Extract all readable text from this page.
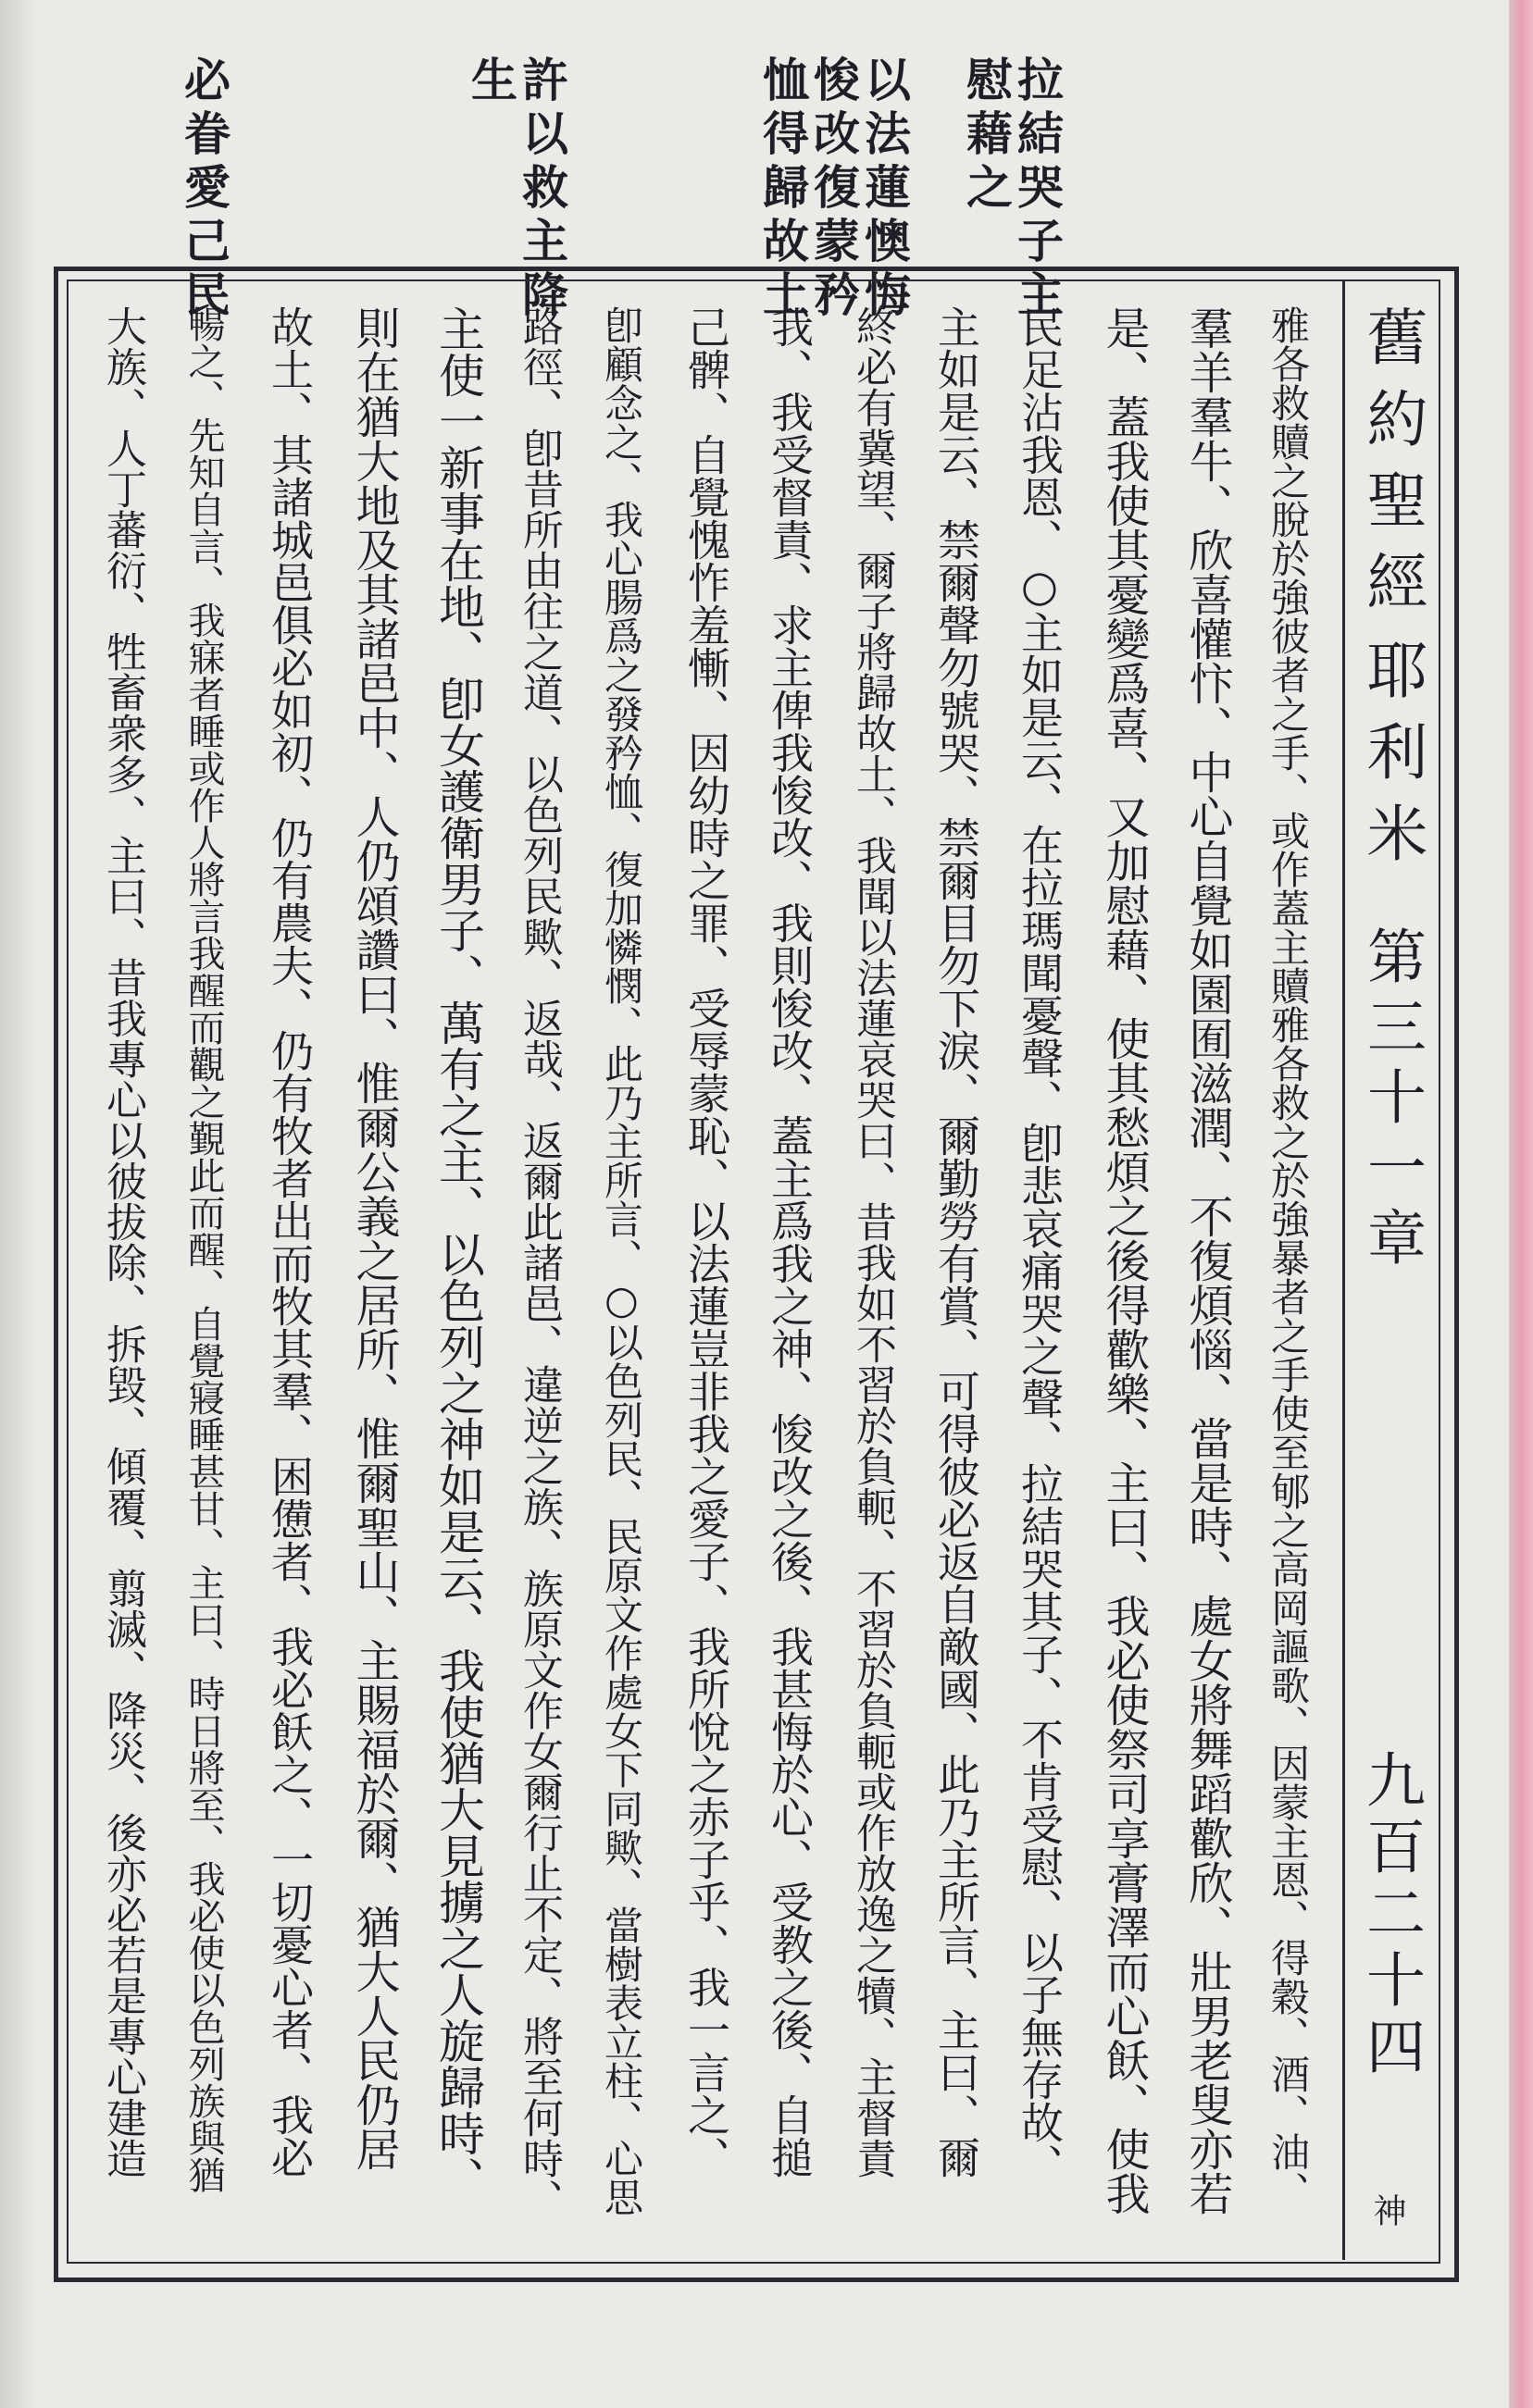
拉結哭子主
慰藉之
以法蓮懊悔
悛改復蒙矜
恤得歸故土
許以救主降
生
必眷愛己民
舊約聖經
耶利米
第三十一章
九百二十四
神
雅各救贖之脫於強彼者之手、或作蓋主贖雅各救之於強暴者之手使至郇之高岡謳歌、因蒙主恩、得穀、酒、油、
羣羊羣牛、欣喜懽忭、中心自覺如園囿滋潤、不復煩惱、當是時、處女將舞蹈歡欣、壯男老叟亦若
是、蓋我使其憂變爲喜、又加慰藉、使其愁煩之後得歡樂、主曰、我必使祭司享膏澤而心飫、使我
民足沾我恩、○主如是云、在拉瑪聞憂聲、卽悲哀痛哭之聲、拉結哭其子、不肯受慰、以子無存故、
主如是云、禁爾聲勿號哭、禁爾目勿下淚、爾勤勞有賞、可得彼必返自敵國、此乃主所言、主曰、爾
終必有冀望、爾子將歸故土、我聞以法蓮哀哭曰、昔我如不習於負軛、不習於負軛或作放逸之犢、主督責
我、我受督責、求主俾我悛改、我則悛改、蓋主爲我之神、悛改之後、我甚悔於心、受教之後、自搥
己髀、自覺愧怍羞慚、因幼時之罪、受辱蒙恥、以法蓮豈非我之愛子、我所悅之赤子乎、我一言之、
卽顧念之、我心腸爲之發矜恤、復加憐憫、此乃主所言、○以色列民、民原文作處女下同歟、當樹表立柱、心思
路徑、卽昔所由往之道、以色列民歟、返哉、返爾此諸邑、違逆之族、族原文作女爾行止不定、將至何時、
主使一新事在地、卽女護衛男子、萬有之主、以色列之神如是云、我使猶大見擄之人旋歸時、
則在猶大地及其諸邑中、人仍頌讚曰、惟爾公義之居所、惟爾聖山、主賜福於爾、猶大人民仍居
故土、其諸城邑俱必如初、仍有農夫、仍有牧者出而牧其羣、困憊者、我必飫之、一切憂心者、我必
暢之、先知自言、我寐者睡或作人將言我醒而觀之覲此而醒、自覺寢睡甚甘、主曰、時日將至、我必使以色列族與猶
大族、人丁蕃衍、牲畜衆多、主曰、昔我專心以彼拔除、拆毀、傾覆、翦滅、降災、後亦必若是專心建造
